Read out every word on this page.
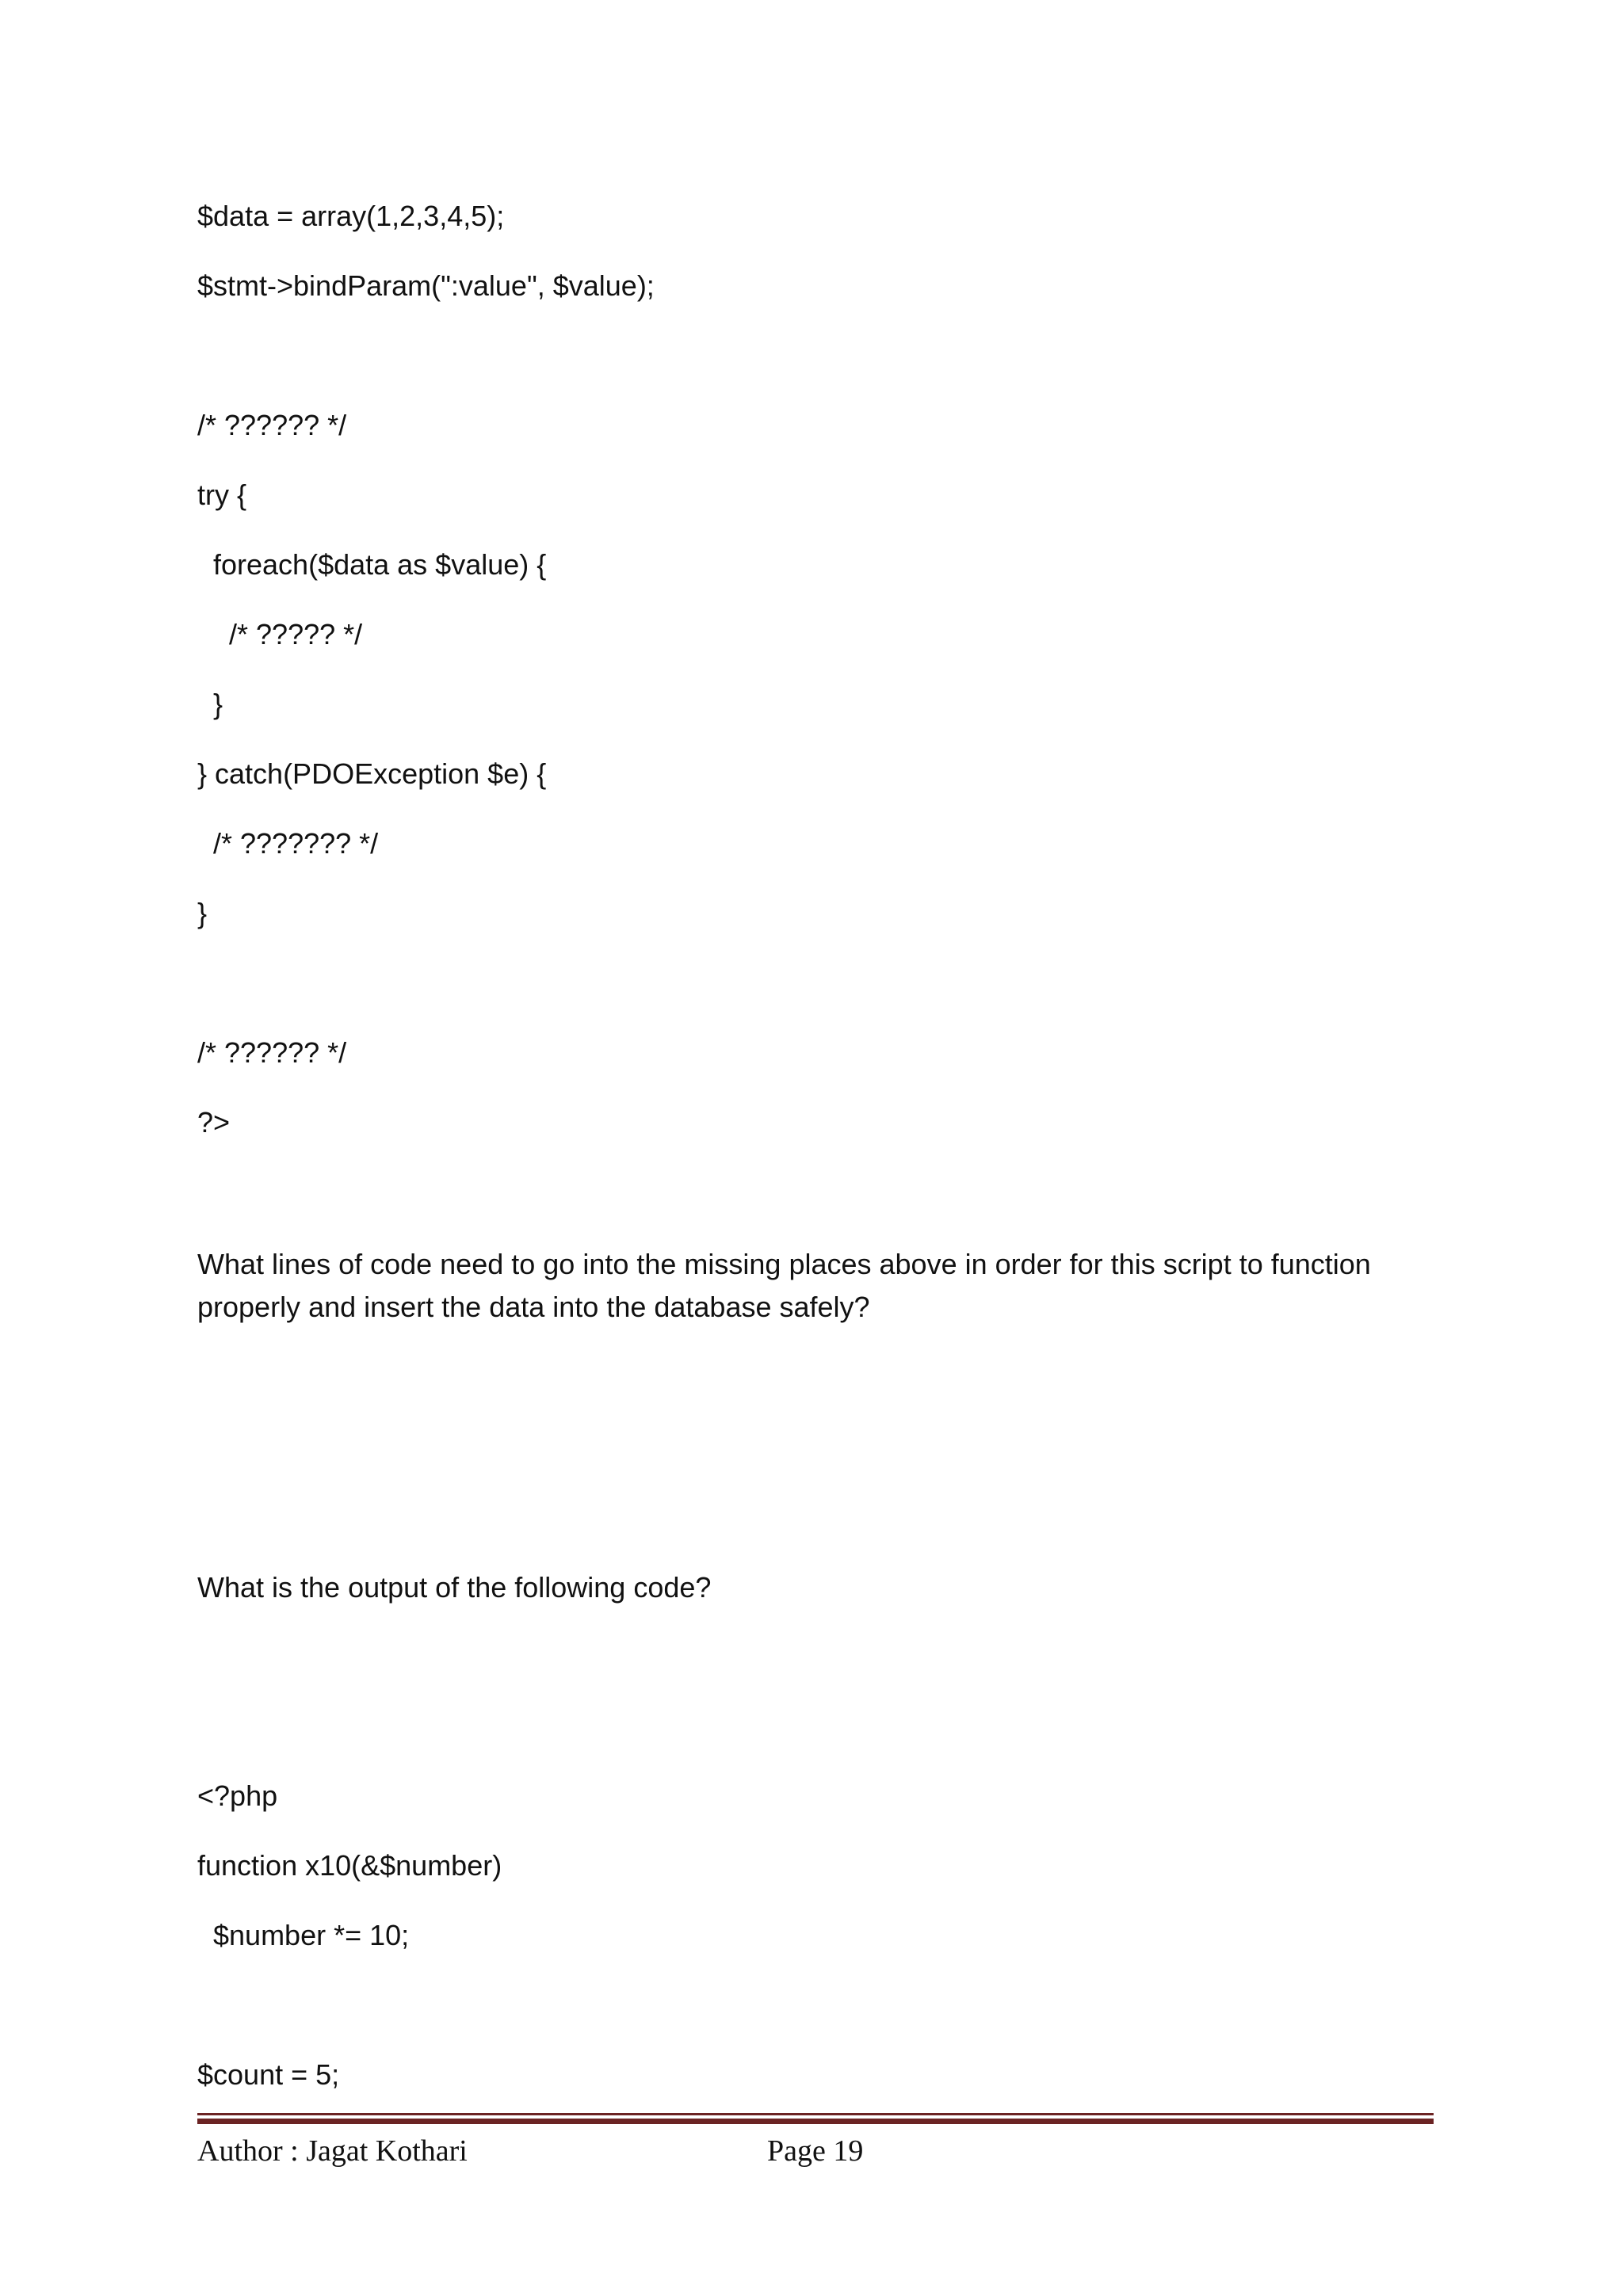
$data = array(1,2,3,4,5);

$stmt->bindParam(":value", $value);

/* ?????? */

try {

foreach($data as $value) {

/* ????? */

}

} catch(PDOException $e) {

/* ??????? */

}

/* ?????? */

?>

What lines of code need to go into the missing places above in order for this script to function properly and insert the data into the database safely?

What is the output of the following code?

<?php

function x10(&$number)

$number *= 10;

$count = 5;

Author : Jagat Kothari	Page 19
